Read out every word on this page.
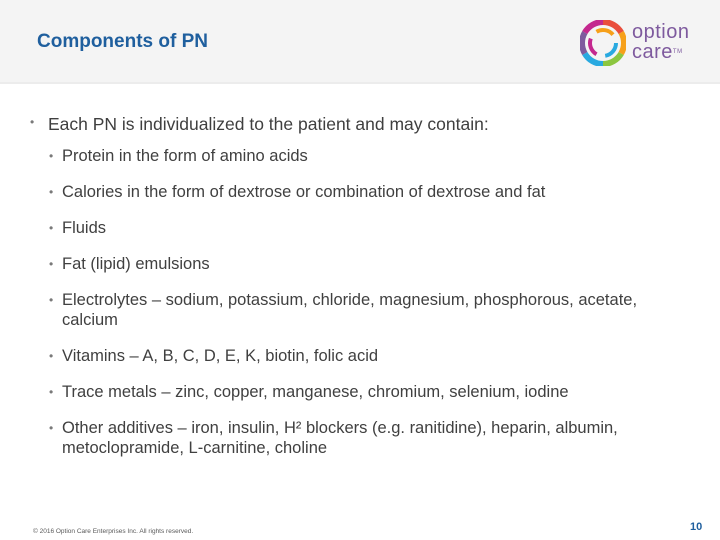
Components of PN	option
care™
• Each PN is individualized to the patient and may contain:
• Protein in the form of amino acids
• Calories in the form of dextrose or combination of dextrose and fat
• Fluids
• Fat (lipid) emulsions
• Electrolytes – sodium, potassium, chloride, magnesium, phosphorous, acetate, calcium
• Vitamins – A, B, C, D, E, K, biotin, folic acid
• Trace metals – zinc, copper, manganese, chromium, selenium, iodine
• Other additives – iron, insulin, H² blockers (e.g. ranitidine), heparin, albumin, metoclopramide, L-carnitine, choline
© 2016 Option Care Enterprises Inc. All rights reserved.	10
